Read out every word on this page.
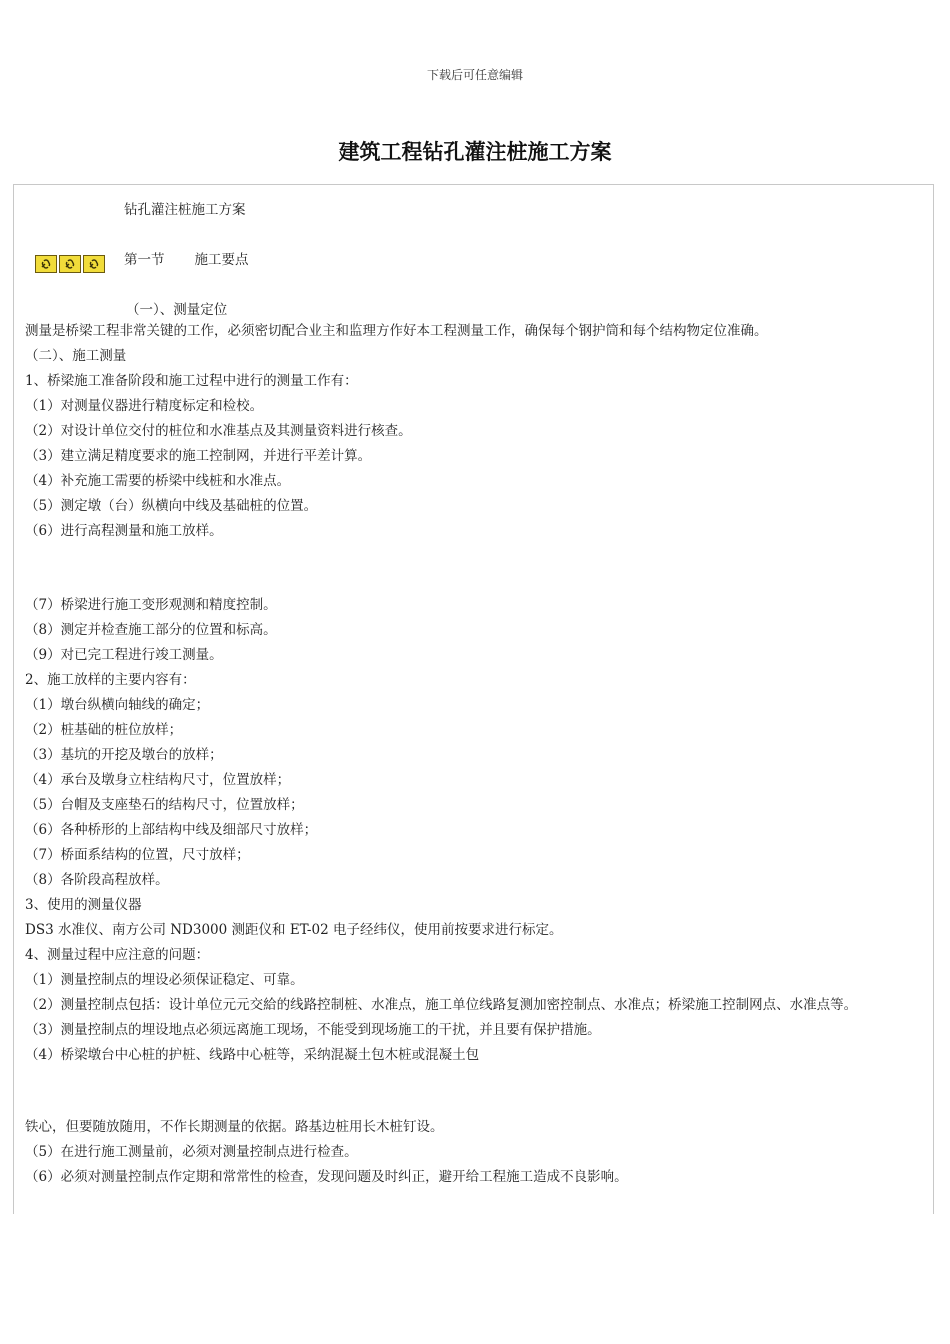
下载后可任意编辑
建筑工程钻孔灌注桩施工方案
钻孔灌注桩施工方案
第一节 施工要点
（一）、测量定位
测量是桥梁工程非常关键的工作，必须密切配合业主和监理方作好本工程测量工作，确保每个钢护筒和每个结构物定位准确。
（二）、施工测量
1、桥梁施工准备阶段和施工过程中进行的测量工作有：
（1）对测量仪器进行精度标定和检校。
（2）对设计单位交付的桩位和水准基点及其测量资料进行核查。
（3）建立满足精度要求的施工控制网，并进行平差计算。
（4）补充施工需要的桥梁中线桩和水准点。
（5）测定墩（台）纵横向中线及基础桩的位置。
（6）进行高程测量和施工放样。
（7）桥梁进行施工变形观测和精度控制。
（8）测定并检查施工部分的位置和标高。
（9）对已完工程进行竣工测量。
2、施工放样的主要内容有：
（1）墩台纵横向轴线的确定；
（2）桩基础的桩位放样；
（3）基坑的开挖及墩台的放样；
（4）承台及墩身立柱结构尺寸，位置放样；
（5）台帽及支座垫石的结构尺寸，位置放样；
（6）各种桥形的上部结构中线及细部尺寸放样；
（7）桥面系结构的位置，尺寸放样；
（8）各阶段高程放样。
3、使用的测量仪器
DS3 水准仪、南方公司 ND3000 测距仪和 ET-02 电子经纬仪，使用前按要求进行标定。
4、测量过程中应注意的问题：
（1）测量控制点的埋设必须保证稳定、可靠。
（2）测量控制点包括：设计单位元元交給的线路控制桩、水准点，施工单位线路复测加密控制点、水准点；桥梁施工控制网点、水准点等。
（3）测量控制点的埋设地点必须远离施工现场，不能受到现场施工的干扰，并且要有保护措施。
（4）桥梁墩台中心桩的护桩、线路中心桩等，采纳混凝土包木桩或混凝土包
铁心，但要随放随用，不作长期测量的依据。路基边桩用长木桩钉设。
（5）在进行施工测量前，必须对测量控制点进行检查。
（6）必须对测量控制点作定期和常常性的检查，发现问题及时纠正，避开给工程施工造成不良影响。
